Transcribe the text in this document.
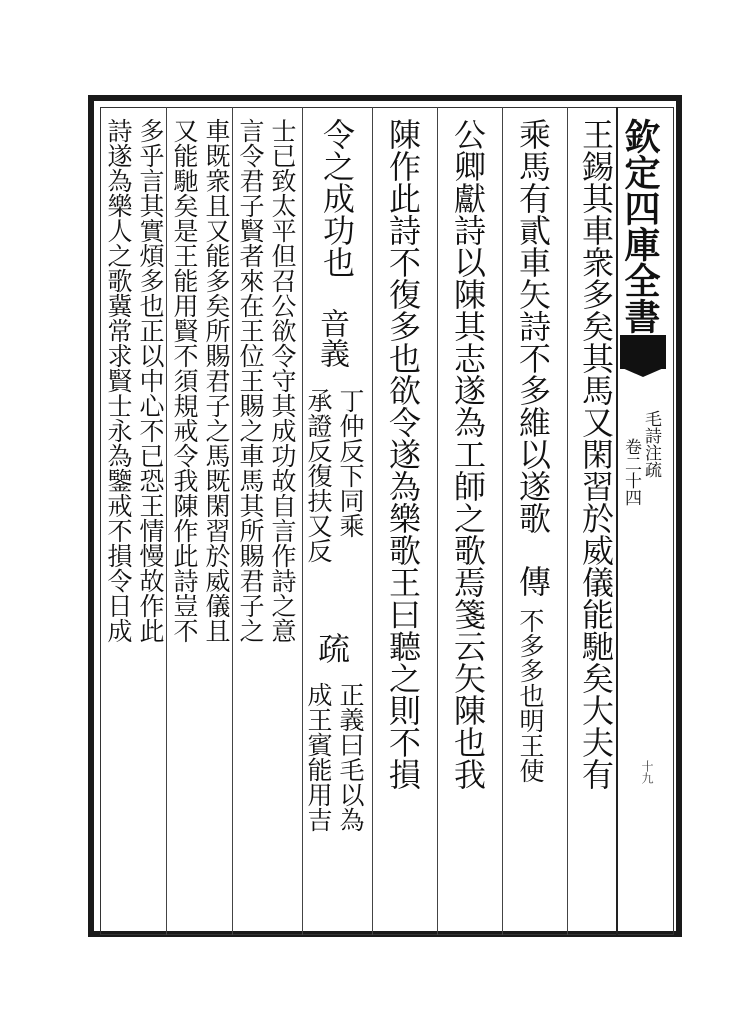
欽定四庫全書
毛詩注疏
卷二十四
十九
王錫其車衆多矣其馬又閑習於威儀能馳矣大夫有
乘馬有貳車矢詩不多維以遂歌
傳
不多多也明王使
公卿獻詩以陳其志遂為工師之歌焉箋云矢陳也我
陳作此詩不復多也欲令遂為樂歌王曰聽之則不損
令之成功也
音義
丁仲反下同乘
承證反復扶又反
疏
正義曰毛以為
成王賓能用吉
士已致太平但召公欲令守其成功故自言作詩之意
言令君子賢者來在王位王賜之車馬其所賜君子之
車既衆且又能多矣所賜君子之馬既閑習於威儀且
又能馳矣是王能用賢不須規戒令我陳作此詩豈不
多乎言其實煩多也正以中心不已恐王情慢故作此
詩遂為樂人之歌冀常求賢士永為鑒戒不損令日成
